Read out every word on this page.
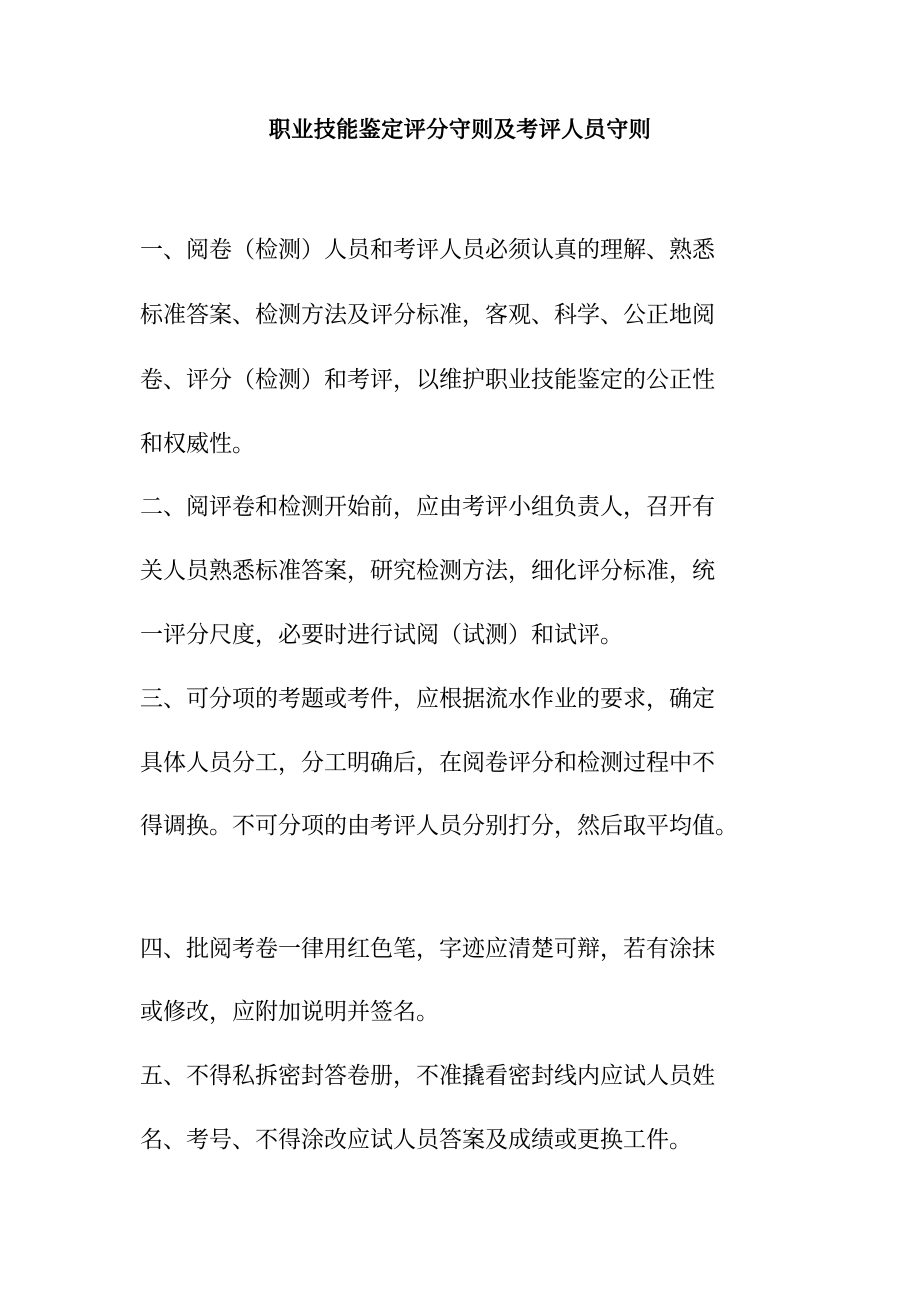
职业技能鉴定评分守则及考评人员守则
一、阅卷（检测）人员和考评人员必须认真的理解、熟悉
标准答案、检测方法及评分标准，客观、科学、公正地阅
卷、评分（检测）和考评，以维护职业技能鉴定的公正性
和权威性。
二、阅评卷和检测开始前，应由考评小组负责人，召开有
关人员熟悉标准答案，研究检测方法，细化评分标准，统
一评分尺度，必要时进行试阅（试测）和试评。
三、可分项的考题或考件，应根据流水作业的要求，确定
具体人员分工，分工明确后，在阅卷评分和检测过程中不
得调换。不可分项的由考评人员分别打分，然后取平均值。
四、批阅考卷一律用红色笔，字迹应清楚可辩，若有涂抹
或修改，应附加说明并签名。
五、不得私拆密封答卷册，不准撬看密封线内应试人员姓
名、考号、不得涂改应试人员答案及成绩或更换工件。
